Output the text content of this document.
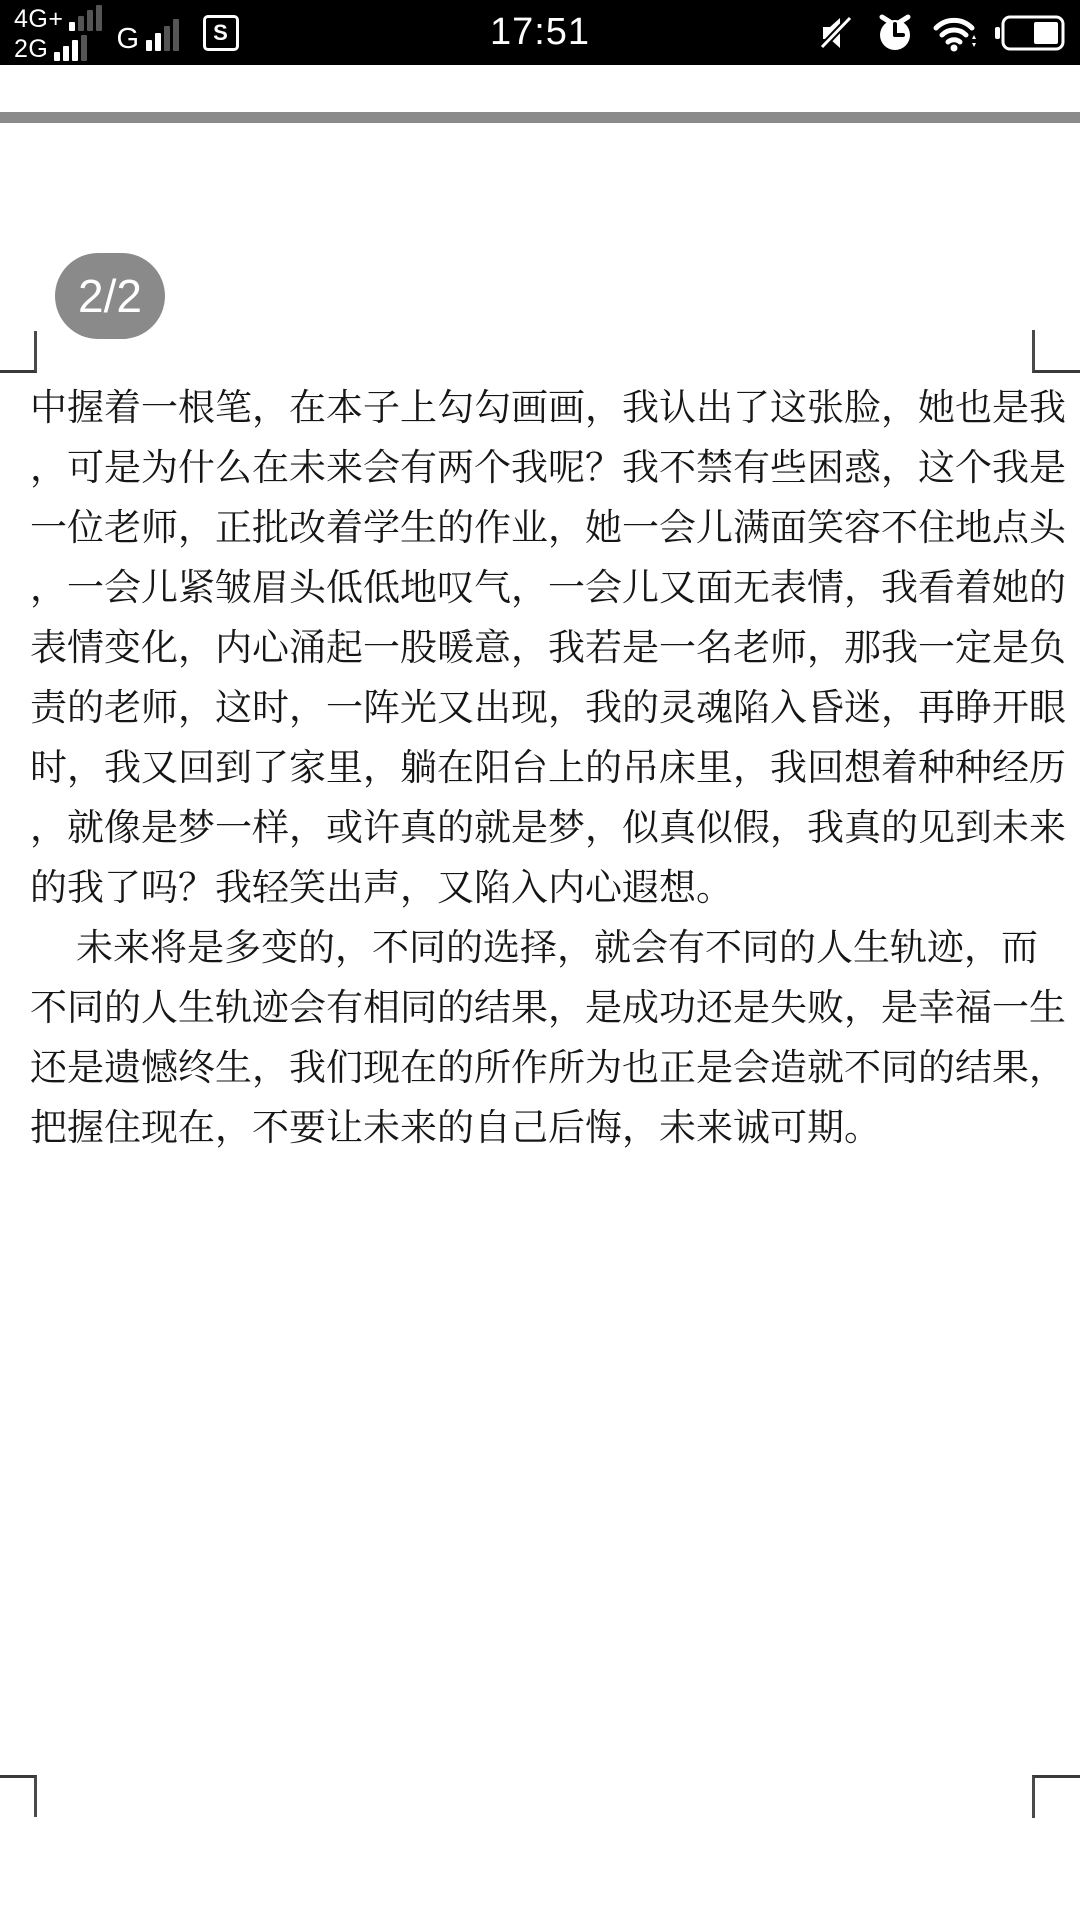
4G+
2G G	S	17:51
2/2
中握着一根笔，在本子上勾勾画画，我认出了这张脸，她也是我
，可是为什么在未来会有两个我呢？我不禁有些困惑，这个我是
一位老师，正批改着学生的作业，她一会儿满面笑容不住地点头
，一会儿紧皱眉头低低地叹气，一会儿又面无表情，我看着她的
表情变化，内心涌起一股暖意，我若是一名老师，那我一定是负
责的老师，这时，一阵光又出现，我的灵魂陷入昏迷，再睁开眼
时，我又回到了家里，躺在阳台上的吊床里，我回想着种种经历
，就像是梦一样，或许真的就是梦，似真似假，我真的见到未来
的我了吗？我轻笑出声，又陷入内心遐想。
未来将是多变的，不同的选择，就会有不同的人生轨迹，而
不同的人生轨迹会有相同的结果，是成功还是失败，是幸福一生
还是遗憾终生，我们现在的所作所为也正是会造就不同的结果，
把握住现在，不要让未来的自己后悔，未来诚可期。
